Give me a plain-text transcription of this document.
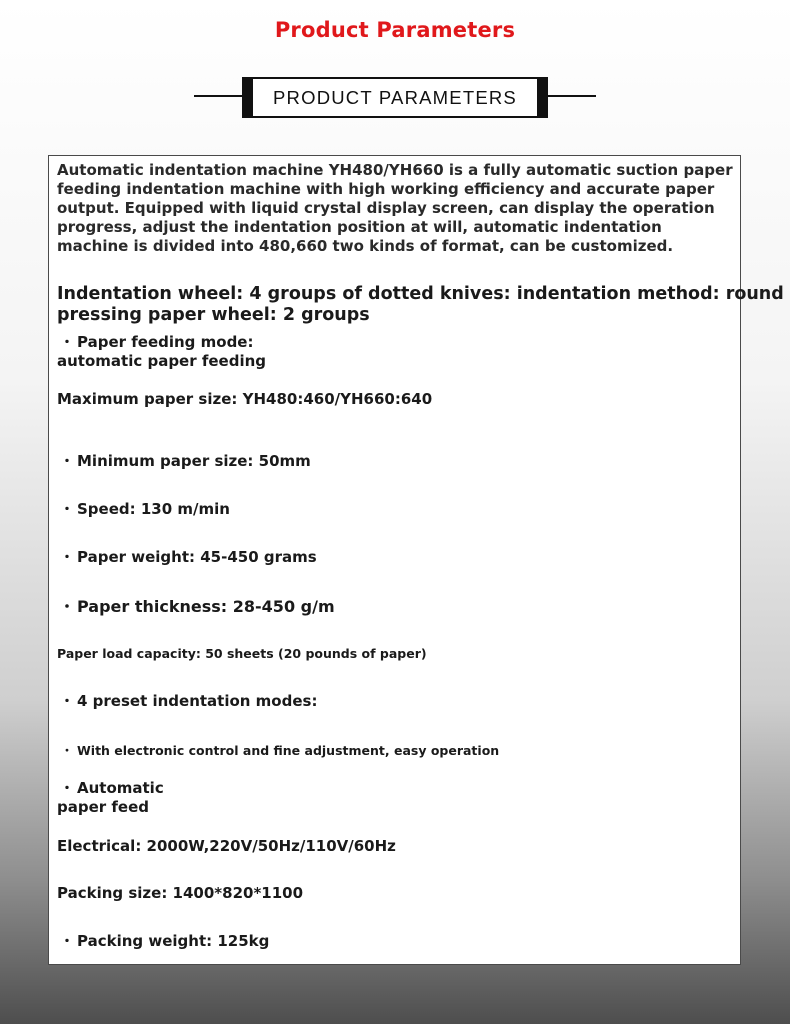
Product Parameters
PRODUCT PARAMETERS

Automatic indentation machine YH480/YH660 is a fully automatic suction paper feeding indentation machine with high working efficiency and accurate paper output. Equipped with liquid crystal display screen, can display the operation progress, adjust the indentation position at will, automatic indentation machine is divided into 480,660 two kinds of format, can be customized.

Indentation wheel: 4 groups of dotted knives: indentation method: round

pressing paper wheel: 2 groups

・ Paper feeding mode:

automatic paper feeding

Maximum paper size: YH480:460/YH660:640

・ Minimum paper size: 50mm

・ Speed: 130 m/min

・ Paper weight: 45-450 grams

・ Paper thickness: 28-450 g/m

Paper load capacity: 50 sheets (20 pounds of paper)

・ 4 preset indentation modes:

・ With electronic control and fine adjustment, easy operation

・ Automatic

paper feed

Electrical: 2000W,220V/50Hz/110V/60Hz

Packing size: 1400*820*1100

・ Packing weight: 125kg
